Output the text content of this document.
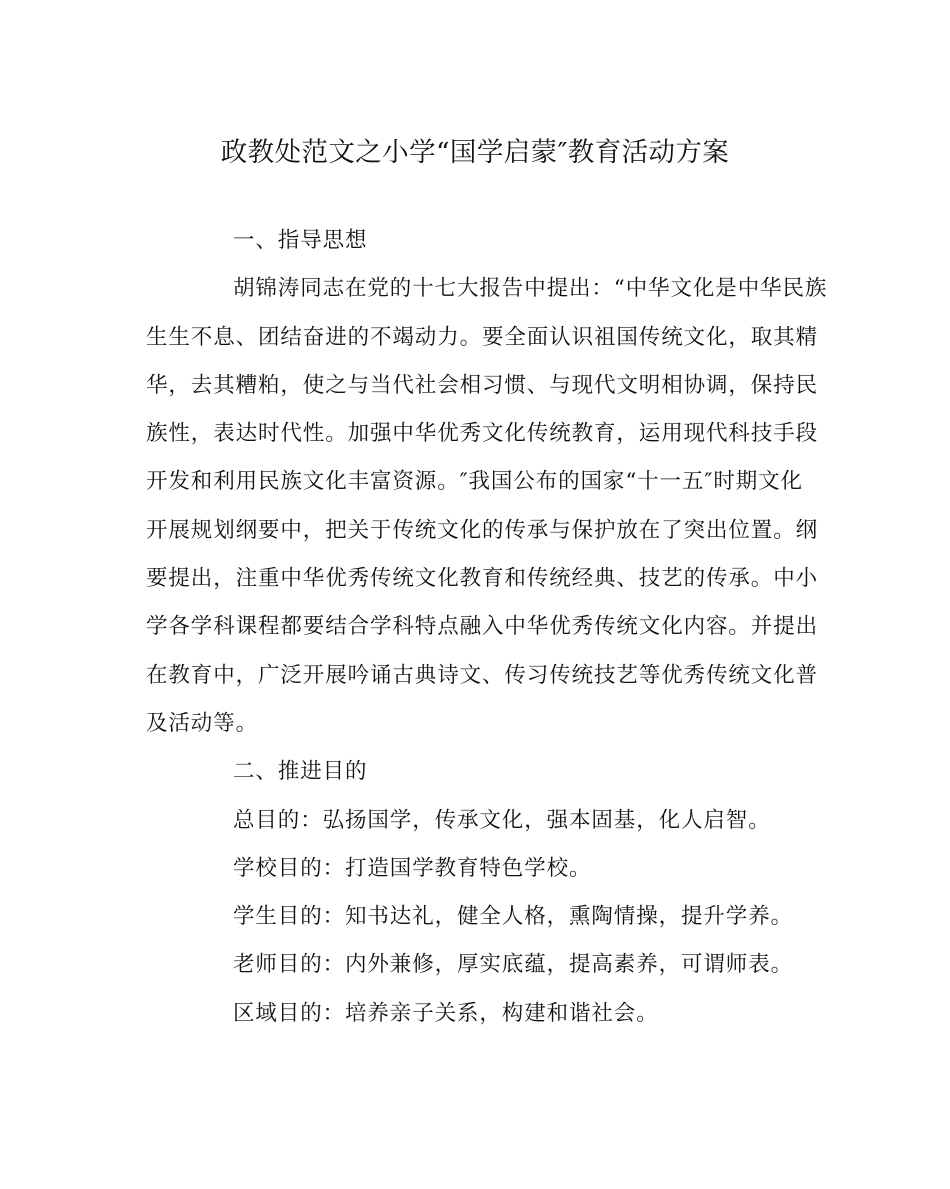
政教处范文之小学“国学启蒙″教育活动方案
一、指导思想
胡锦涛同志在党的十七大报告中提出：“中华文化是中华民族
生生不息、团结奋进的不竭动力。要全面认识祖国传统文化，取其精
华，去其糟粕，使之与当代社会相习惯、与现代文明相协调，保持民
族性，表达时代性。加强中华优秀文化传统教育，运用现代科技手段
开发和利用民族文化丰富资源。″我国公布的国家“十一五″时期文化
开展规划纲要中，把关于传统文化的传承与保护放在了突出位置。纲
要提出，注重中华优秀传统文化教育和传统经典、技艺的传承。中小
学各学科课程都要结合学科特点融入中华优秀传统文化内容。并提出
在教育中，广泛开展吟诵古典诗文、传习传统技艺等优秀传统文化普
及活动等。
二、推进目的
总目的：弘扬国学，传承文化，强本固基，化人启智。
学校目的：打造国学教育特色学校。
学生目的：知书达礼，健全人格，熏陶情操，提升学养。
老师目的：内外兼修，厚实底蕴，提高素养，可谓师表。
区域目的：培养亲子关系，构建和谐社会。
